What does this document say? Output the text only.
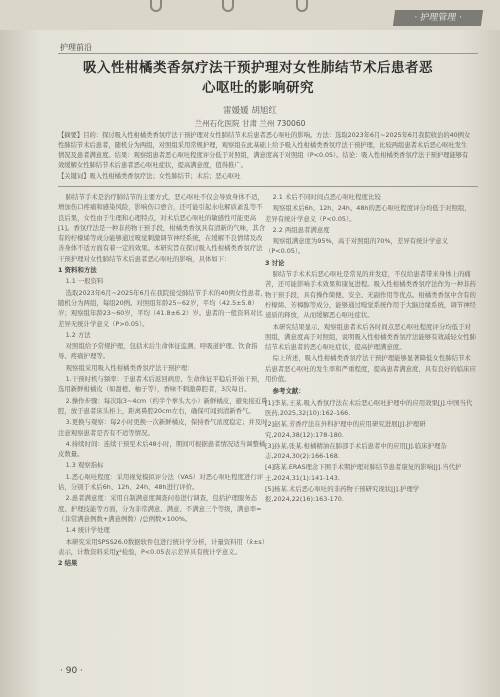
· 护理管理 ·
护理前沿
吸入性柑橘类香氛疗法干预护理对女性肺结节术后患者恶心呕吐的影响研究
雷媛媛 胡旭红
兰州石化医院 甘肃 兰州 730060
【摘要】目的：探讨吸入性柑橘类香氛疗法干预护理对女性肺结节术后患者恶心呕吐的影响。方法：选取2023年6月~2025年6月我院收治的40例女性肺结节术后患者，随机分为两组，对照组采用常规护理，观察组在此基础上给予吸入性柑橘类香氛疗法干预护理，比较两组患者术后恶心呕吐发生情况及患者满意度。结果：观察组患者恶心呕吐程度评分低于对照组，满意度高于对照组（P<0.05）。结论：吸入性柑橘类香氛疗法干预护理能够有效缓解女性肺结节术后患者恶心呕吐症状，提高满意度，值得推广。
【关键词】吸入性柑橘类香氛疗法；女性肺结节；术后；恶心呕吐

肺结节手术是治疗肺结节的主要方式，恶心呕吐不仅会导致身体不适，增加伤口疼痛和感染风险，影响伤口愈合，还可能引起水电解质紊乱等不良后果，女性由于生理和心理特点，对术后恶心呕吐的敏感性可能更高[1]。香氛疗法是一种非药物干预手段，柑橘类香氛具有清新的气味，其含有的柠檬烯等成分能够通过嗅觉刺激调节神经系统，在缓解不良情绪及改善身体不适方面有着一定的效果。本研究旨在探讨吸入性柑橘类香氛疗法干预护理对女性肺结节术后患者恶心呕吐的影响，具体如下：

1 资料和方法

1.1 一般资料

选取2023年6月~2025年6月在我院接受肺结节手术的40例女性患者，随机分为两组，每组20例。对照组年龄25~62岁，平均（42.5±5.8）岁；观察组年龄23~60岁，平均（41.8±6.2）岁。患者的一般资料对比差异无统计学意义（P>0.05）。

1.2 方法

对照组给予常规护理，包括术后生命体征监测、呼吸道护理、饮食指导、疼痛护理等。

观察组采用吸入性柑橘类香氛疗法干预护理：

1.干预时机与频率：于患者术后返回病房、生命体征平稳后开始干预，选用新鲜柑橘皮（如甜橙、柚子等），香味不刺激鼻腔者，3次每日。

2.操作步骤：每次取3~4cm（约半个拳头大小）新鲜橘皮，避免接近鼻腔，放于患者床头柜上，距离鼻腔20cm左右，确保可闻到清新香气。

3.更换与观察：每2小时更换一次新鲜橘皮，保持香气浓度稳定；并及时注意观察患者是否有不适等情况。

4.持续时间：连续干预至术后48小时，期间可根据患者情况适当调整橘皮数量。

1.3 观察指标

1.恶心呕吐程度：采用视觉模拟评分法（VAS）对恶心呕吐程度进行评估，分别于术后6h、12h、24h、48h进行评价。

2.患者满意度：采用自制满意度调查问卷进行调查，包括护理服务态度、护理技能等方面，分为非常满意、满意、不满意三个等级，满意率=（非常满意例数+满意例数）/总例数×100%。

1.4 统计学处理

本研究采用SPSS26.0数据软件包进行统计学分析，计量资料用（x̄±s）表示，计数资料采用χ²检验，P<0.05表示差异具有统计学意义。

2 结果

2.1 术后不同时间点恶心呕吐程度比较

观察组术后6h、12h、24h、48h的恶心呕吐程度评分均低于对照组，差异有统计学意义（P<0.05）。

2.2 两组患者满意度

观察组满意度为95%，高于对照组的70%，差异有统计学意义（P<0.05）。

3 讨论

肺结节手术术后恶心呕吐是常见的并发症，不仅给患者带来身体上的痛苦，还可能影响手术效果和康复进程。吸入性柑橘类香氛疗法作为一种非药物干预手段，具有操作简便、安全、无副作用等优点。柑橘类香氛中含有的柠檬烯、芳樟醇等成分，能够通过嗅觉系统作用于大脑边缘系统，调节神经递质的释放，从而缓解恶心呕吐症状。

本研究结果显示，观察组患者术后各时间点恶心呕吐程度评分均低于对照组，满意度高于对照组，说明吸入性柑橘类香氛疗法能够有效减轻女性肺结节术后患者的恶心呕吐症状，提高护理满意度。

综上所述，吸入性柑橘类香氛疗法干预护理能够显著降低女性肺结节术后患者恶心呕吐的发生率和严重程度，提高患者满意度，具有良好的临床应用价值。

参考文献：

[1]李某,王某.吸入香氛疗法在术后恶心呕吐护理中的应用效果[J].中国当代医药,2025,32(10):162-166.

[2]赵某.芳香疗法在外科护理中的应用研究进展[J].护理研究,2024,38(12):178-180.

[3]孙某,张某.柑橘精油在肺部手术后患者中的应用[J].临床护理杂志,2024,30(2):166-168.

[4]陈某.ERAS理念下围手术期护理对肺结节患者康复的影响[J].当代护士,2024,31(1):141-143.

[5]杨某.术后恶心呕吐的非药物干预研究现状[J].护理学报,2024,22(16):163-170.

· 90 ·
